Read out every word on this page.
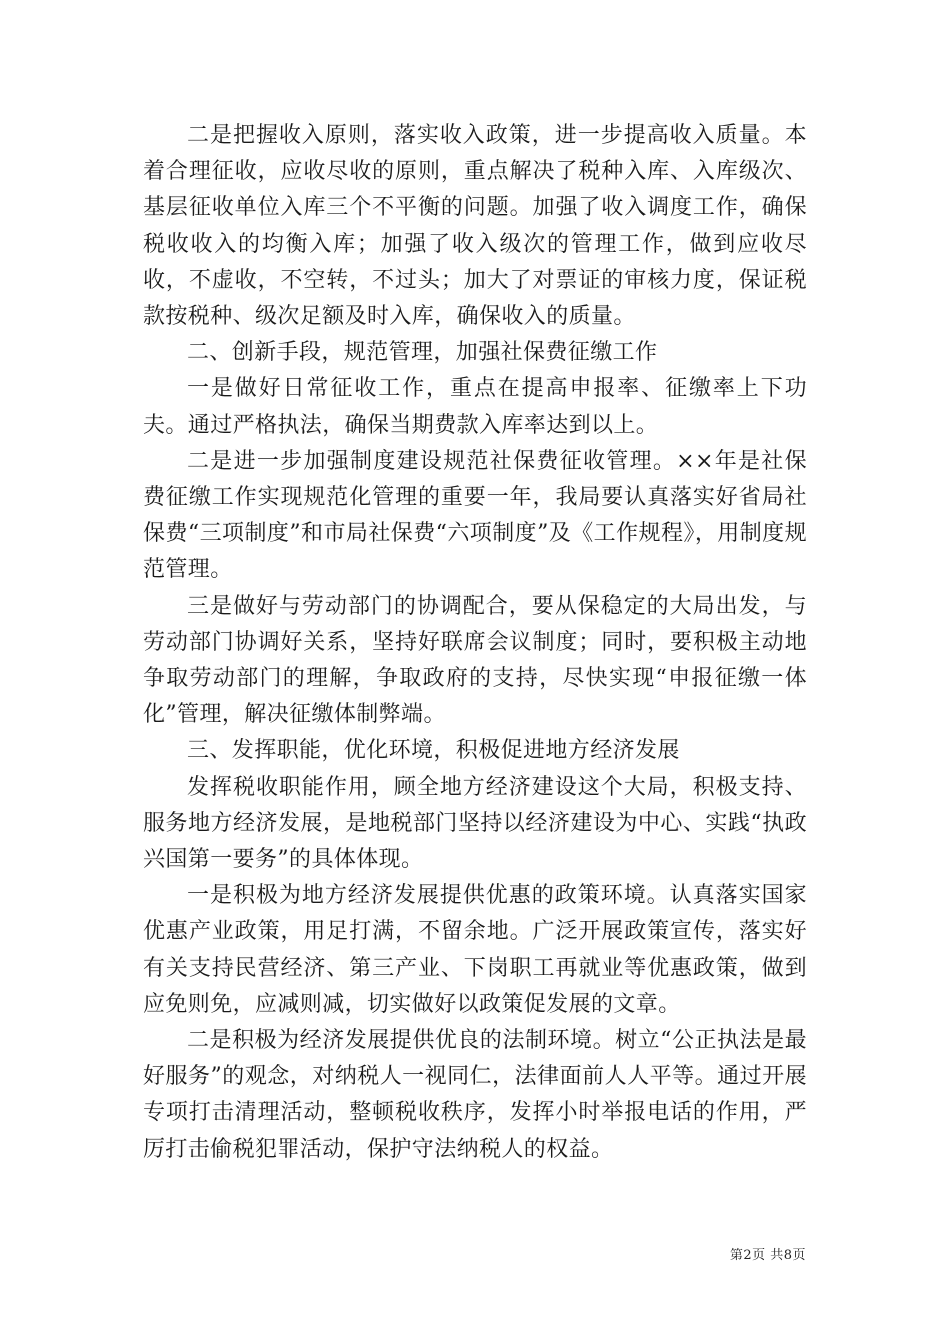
二是把握收入原则，落实收入政策，进一步提高收入质量。本着合理征收，应收尽收的原则，重点解决了税种入库、入库级次、基层征收单位入库三个不平衡的问题。加强了收入调度工作，确保税收收入的均衡入库；加强了收入级次的管理工作，做到应收尽收，不虚收，不空转，不过头；加大了对票证的审核力度，保证税款按税种、级次足额及时入库，确保收入的质量。

二、创新手段，规范管理，加强社保费征缴工作

一是做好日常征收工作，重点在提高申报率、征缴率上下功夫。通过严格执法，确保当期费款入库率达到以上。

二是进一步加强制度建设规范社保费征收管理。××年是社保费征缴工作实现规范化管理的重要一年，我局要认真落实好省局社保费“三项制度”和市局社保费“六项制度”及《工作规程》，用制度规范管理。

三是做好与劳动部门的协调配合，要从保稳定的大局出发，与劳动部门协调好关系，坚持好联席会议制度；同时，要积极主动地争取劳动部门的理解，争取政府的支持，尽快实现“申报征缴一体化”管理，解决征缴体制弊端。

三、发挥职能，优化环境，积极促进地方经济发展

发挥税收职能作用，顾全地方经济建设这个大局，积极支持、服务地方经济发展，是地税部门坚持以经济建设为中心、实践“执政兴国第一要务”的具体体现。

一是积极为地方经济发展提供优惠的政策环境。认真落实国家优惠产业政策，用足打满，不留余地。广泛开展政策宣传，落实好有关支持民营经济、第三产业、下岗职工再就业等优惠政策，做到应免则免，应减则减，切实做好以政策促发展的文章。

二是积极为经济发展提供优良的法制环境。树立“公正执法是最好服务”的观念，对纳税人一视同仁，法律面前人人平等。通过开展专项打击清理活动，整顿税收秩序，发挥小时举报电话的作用，严厉打击偷税犯罪活动，保护守法纳税人的权益。

第2页 共8页
